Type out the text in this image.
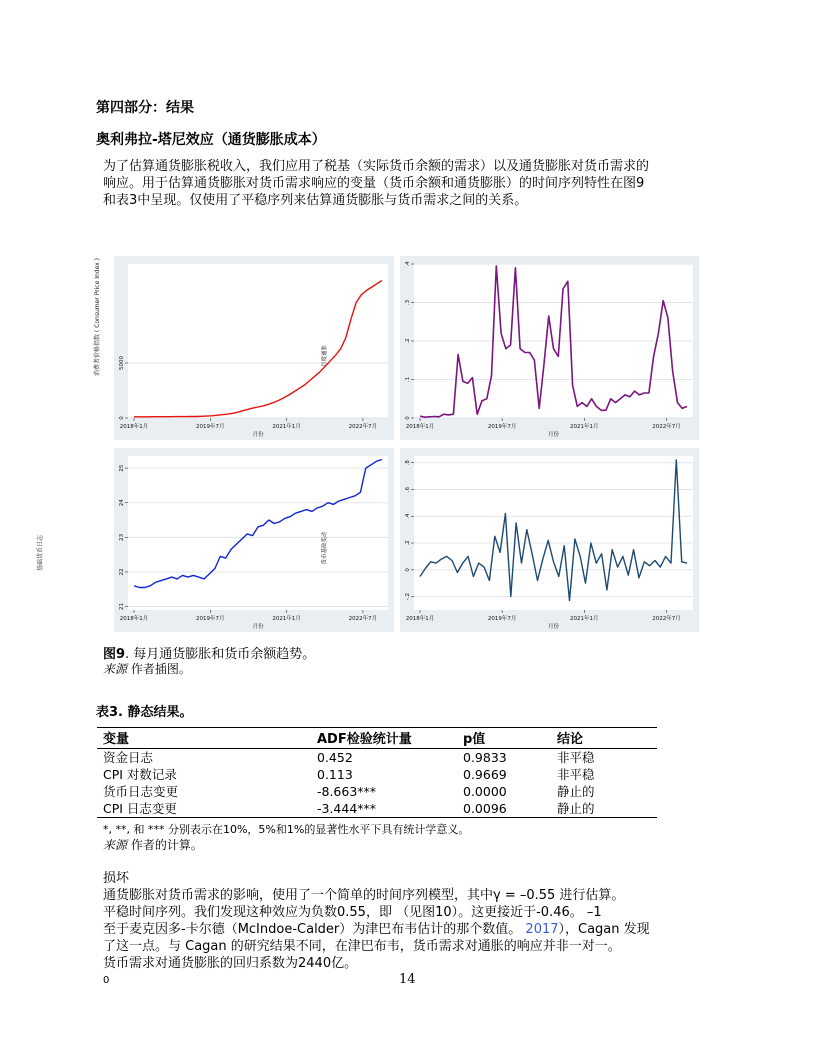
第四部分：结果
奥利弗拉-塔尼效应（通货膨胀成本）
为了估算通货膨胀税收入，我们应用了税基（实际货币余额的需求）以及通货膨胀对货币需求的
响应。用于估算通货膨胀对货币需求响应的变量（货币余额和通货膨胀）的时间序列特性在图9
和表3中呈现。仅使用了平稳序列来估算通货膨胀与货币需求之间的关系。
消费者价格指数 ( Consumer Price Index )
基础货币日志
0
5000
2018年1月	2019年7月	2021年1月	2022年7月
月份
月度通胀
0
.1
.2
.3
.4
2018年1月	2019年7月	2021年1月	2022年7月
月份
21
22
23
24
25
2018年1月	2019年7月	2021年1月	2022年7月
月份
货币基础变动
-.2
0
.2
.4
.6
.8
2018年1月	2019年7月	2021年1月	2022年7月
月份
图9. 每月通货膨胀和货币余额趋势。
来源 作者插图。
表3. 静态结果。
变量	ADF检验统计量	p值	结论
资金日志	0.452	0.9833	非平稳
CPI 对数记录	0.113	0.9669	非平稳
货币日志变更	-8.663***	0.0000	静止的
CPI 日志变更	-3.444***	0.0096	静止的
*, **, 和 *** 分别表示在10%，5%和1%的显著性水平下具有统计学意义。
来源 作者的计算。
损坏
通货膨胀对货币需求的影响，使用了一个简单的时间序列模型，其中γ = –0.55 进行估算。
平稳时间序列。我们发现这种效应为负数0.55，即 （见图10）。这更接近于-0.46。 –1
至于麦克因多-卡尔德（McIndoe-Calder）为津巴布韦估计的那个数值。 2017），Cagan 发现
了这一点。与 Cagan 的研究结果不同，在津巴布韦，货币需求对通胀的响应并非一对一。
货币需求对通货膨胀的回归系数为2440亿。
14
0
